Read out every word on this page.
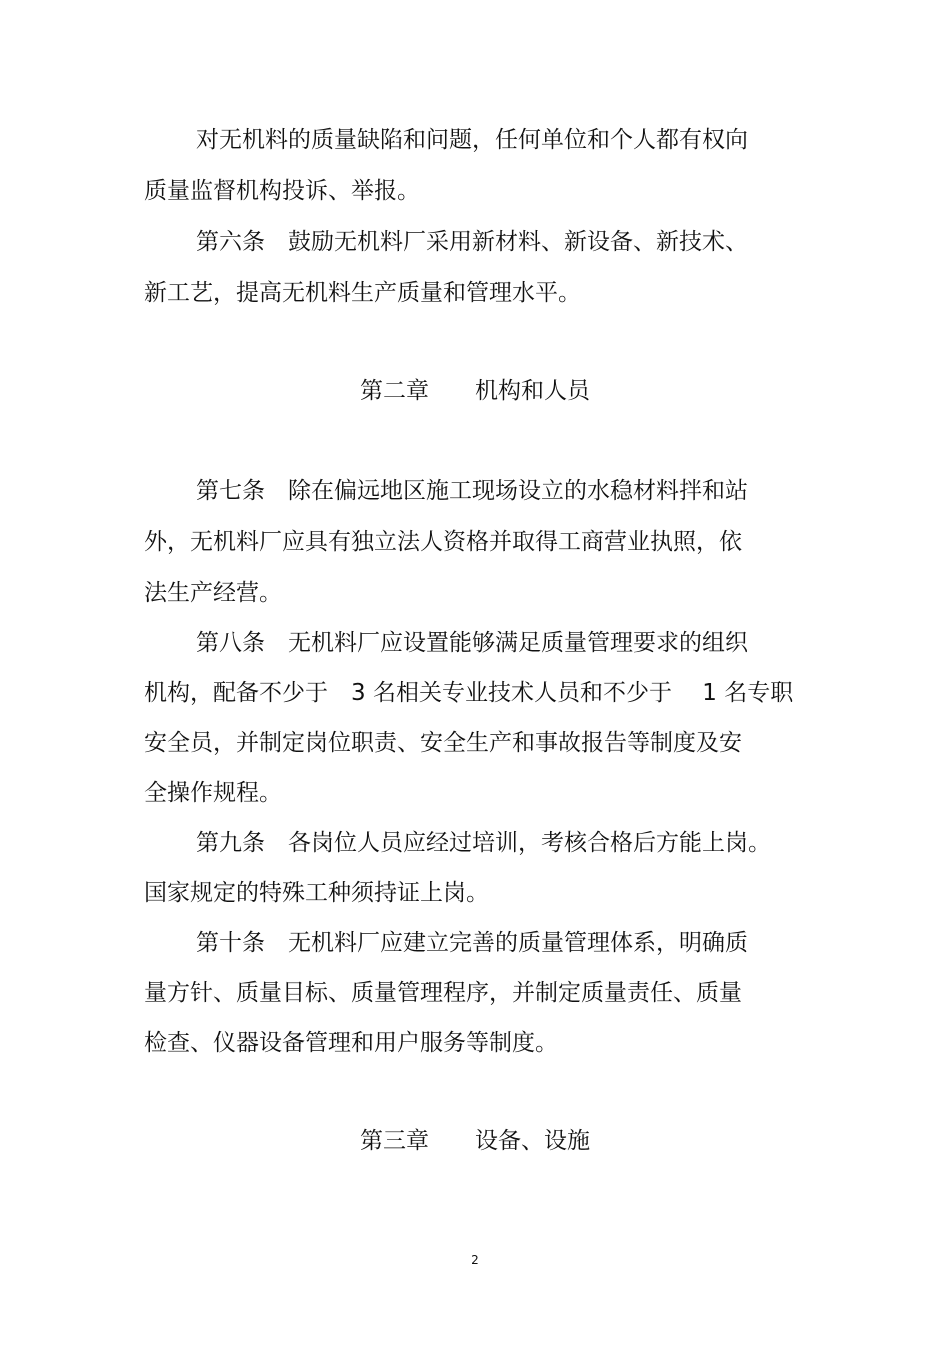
对无机料的质量缺陷和问题，任何单位和个人都有权向
质量监督机构投诉、举报。
第六条　鼓励无机料厂采用新材料、新设备、新技术、
新工艺，提高无机料生产质量和管理水平。
第二章　　机构和人员
第七条　除在偏远地区施工现场设立的水稳材料拌和站
外，无机料厂应具有独立法人资格并取得工商营业执照，依
法生产经营。
第八条　无机料厂应设置能够满足质量管理要求的组织
机构，配备不少于　3 名相关专业技术人员和不少于　 1 名专职
安全员，并制定岗位职责、安全生产和事故报告等制度及安
全操作规程。
第九条　各岗位人员应经过培训，考核合格后方能上岗。
国家规定的特殊工种须持证上岗。
第十条　无机料厂应建立完善的质量管理体系，明确质
量方针、质量目标、质量管理程序，并制定质量责任、质量
检查、仪器设备管理和用户服务等制度。
第三章　　设备、设施
2
